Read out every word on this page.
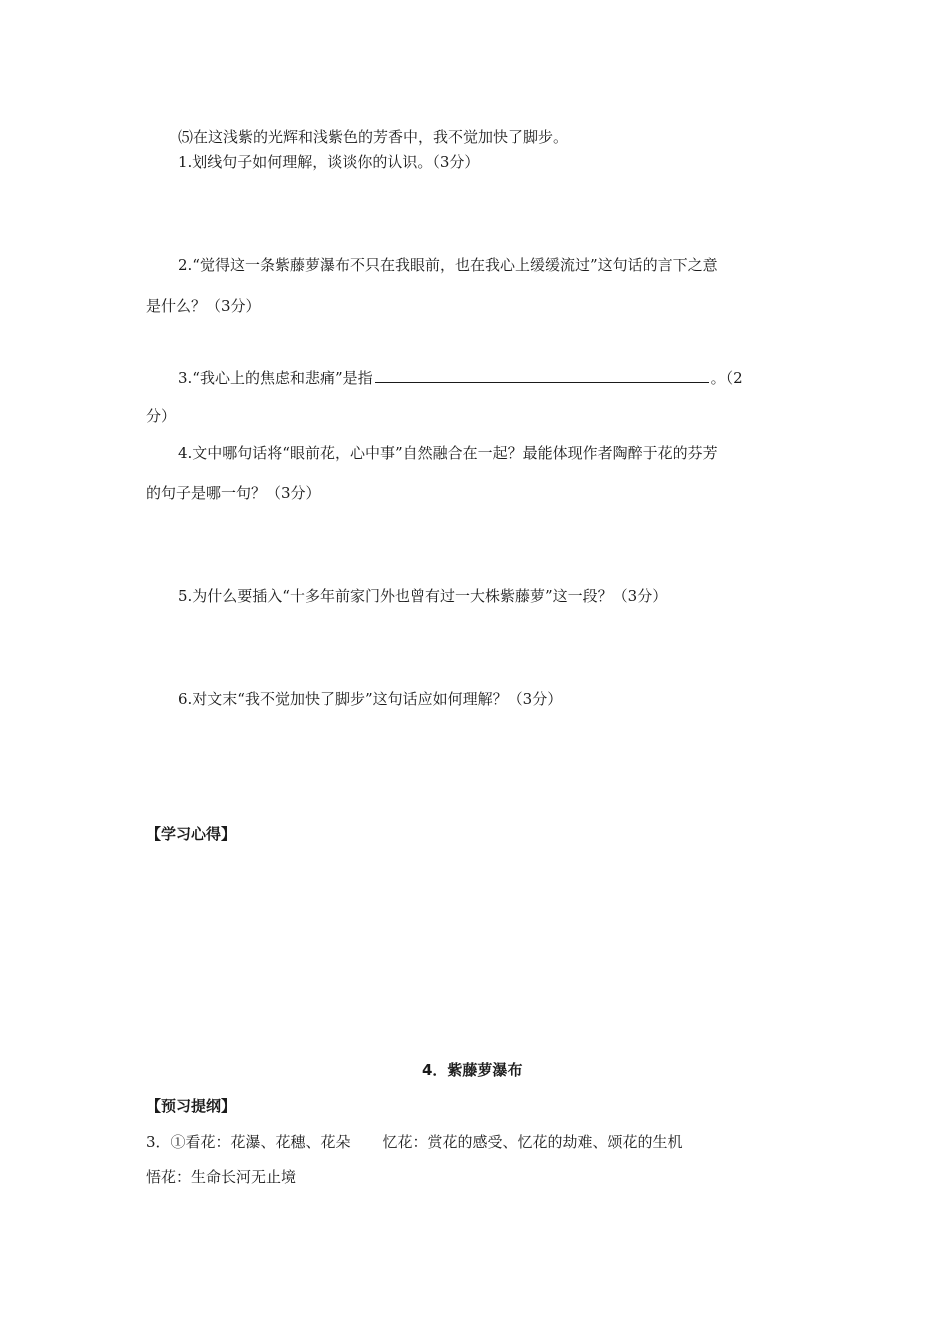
⑸在这浅紫的光辉和浅紫色的芳香中，我不觉加快了脚步。
1.划线句子如何理解，谈谈你的认识。（3分）
2.“觉得这一条紫藤萝瀑布不只在我眼前，也在我心上缓缓流过”这句话的言下之意
是什么？（3分）
3.“我心上的焦虑和悲痛”是指	。（2
分）
4.文中哪句话将“眼前花，心中事”自然融合在一起？最能体现作者陶醉于花的芬芳
的句子是哪一句？（3分）
5.为什么要插入“十多年前家门外也曾有过一大株紫藤萝”这一段？（3分）
6.对文末“我不觉加快了脚步”这句话应如何理解？（3分）
【学习心得】
4．紫藤萝瀑布
【预习提纲】
3．①看花：花瀑、花穗、花朵 忆花：赏花的感受、忆花的劫难、颂花的生机
悟花：生命长河无止境
